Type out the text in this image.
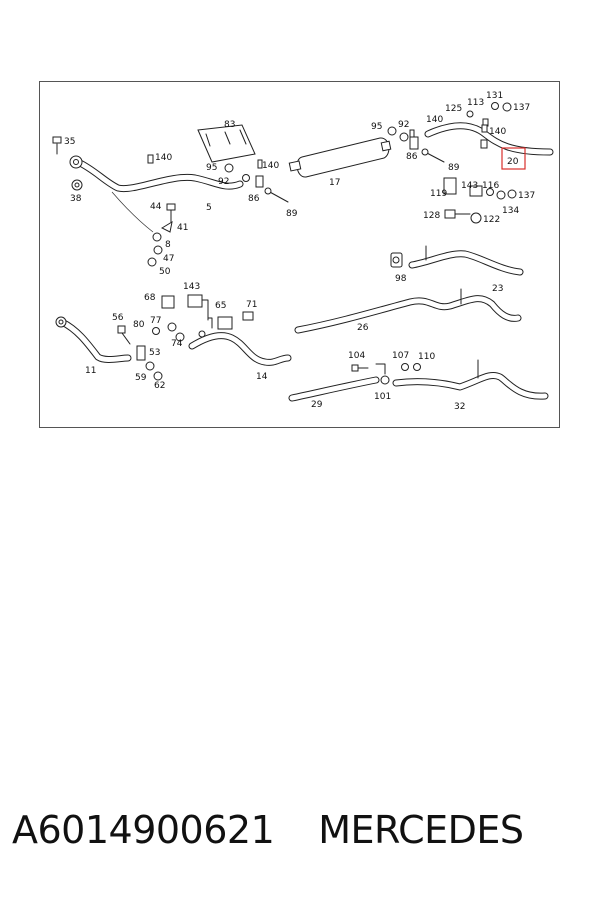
35
38
140
5
44
41
8
47
50
83
95
92
140
86
89
17
95 92 140
86
89
125
113
131
137
140
20
119
143 116
137
128	122
134
98
23
26
68
143
65 71
56
80 77
74
53
59
62
11
14
104	107 110
101
29	32
A6014900621 MERCEDES
